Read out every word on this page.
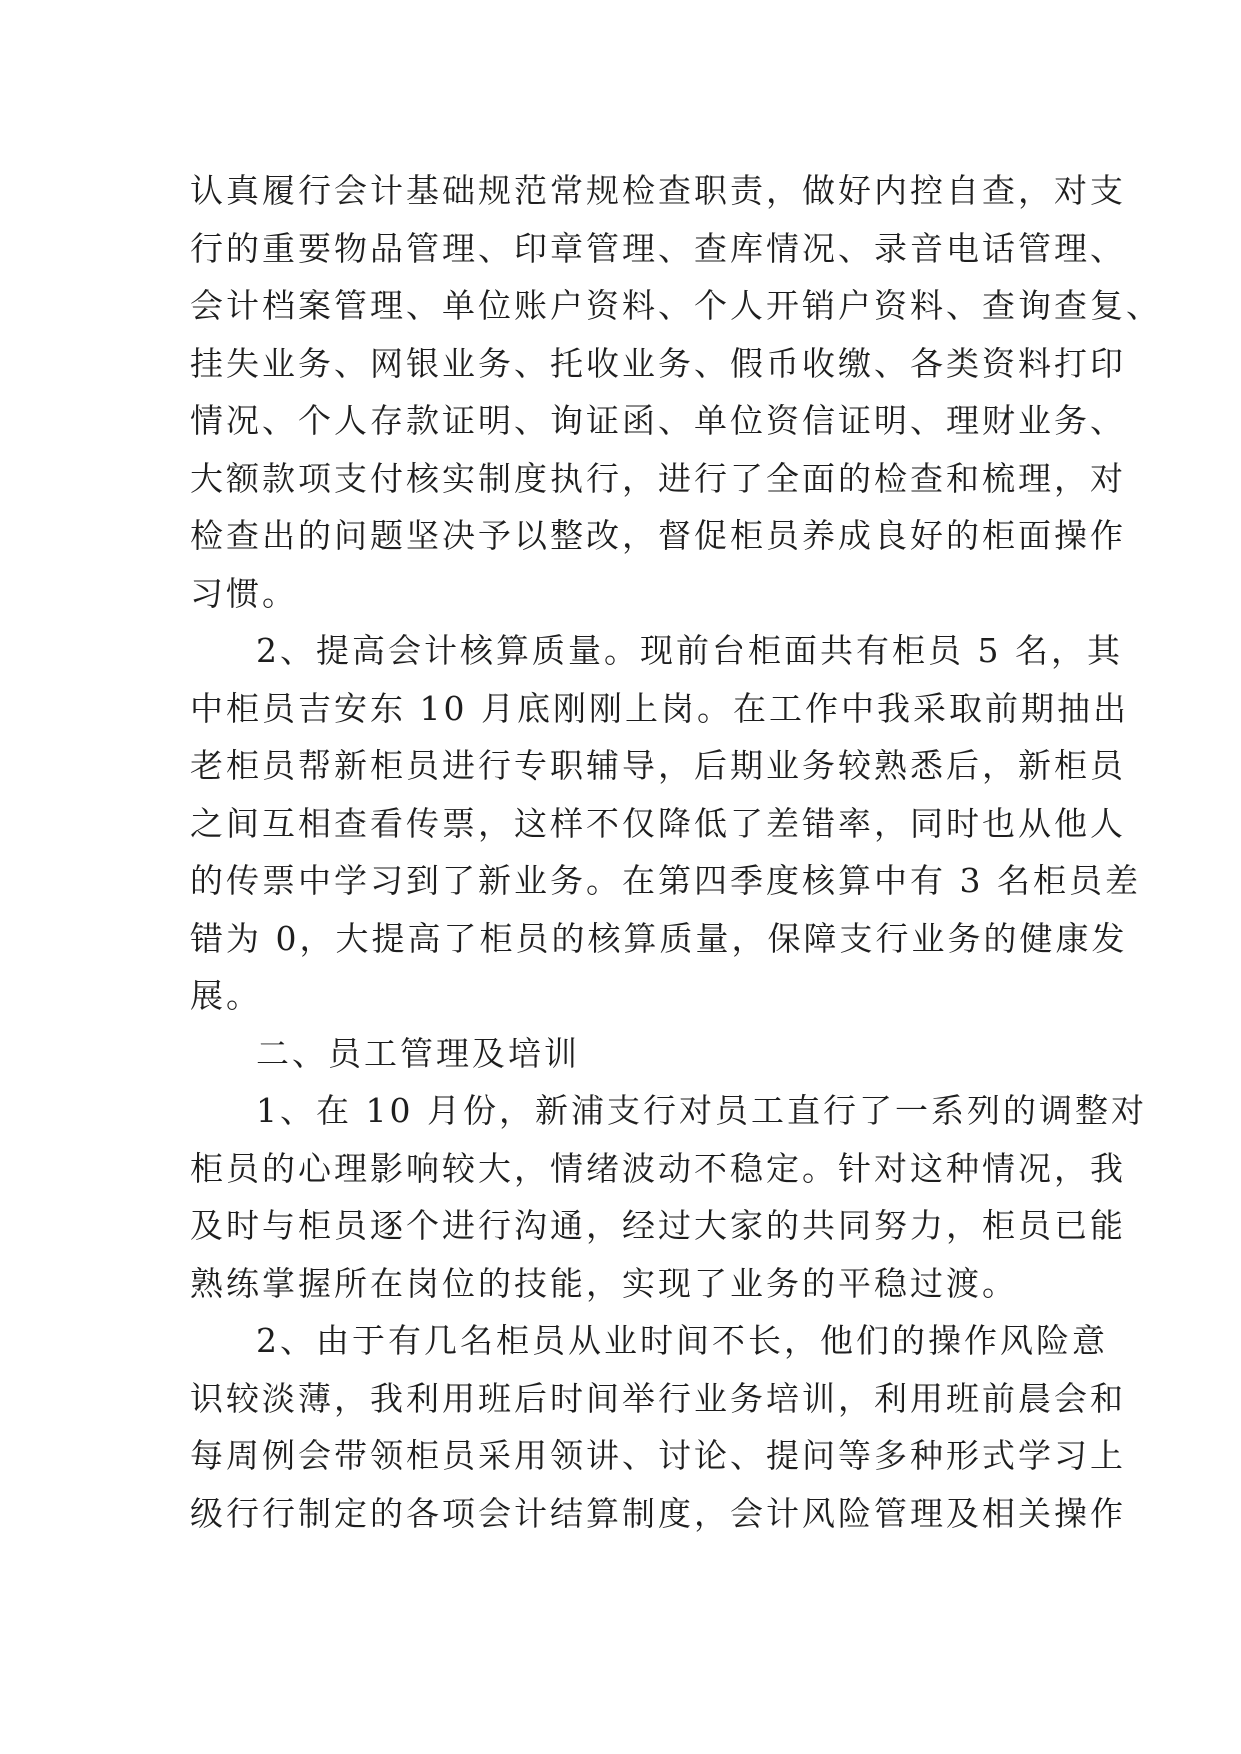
认真履行会计基础规范常规检查职责，做好内控自查，对支
行的重要物品管理、印章管理、查库情况、录音电话管理、
会计档案管理、单位账户资料、个人开销户资料、查询查复、
挂失业务、网银业务、托收业务、假币收缴、各类资料打印
情况、个人存款证明、询证函、单位资信证明、理财业务、
大额款项支付核实制度执行，进行了全面的检查和梳理，对
检查出的问题坚决予以整改，督促柜员养成良好的柜面操作
习惯。
2、提高会计核算质量。现前台柜面共有柜员 5 名，其
中柜员吉安东 10 月底刚刚上岗。在工作中我采取前期抽出
老柜员帮新柜员进行专职辅导，后期业务较熟悉后，新柜员
之间互相查看传票，这样不仅降低了差错率，同时也从他人
的传票中学习到了新业务。在第四季度核算中有 3 名柜员差
错为 0，大提高了柜员的核算质量，保障支行业务的健康发
展。
二、员工管理及培训
1、在 10 月份，新浦支行对员工直行了一系列的调整对
柜员的心理影响较大，情绪波动不稳定。针对这种情况，我
及时与柜员逐个进行沟通，经过大家的共同努力，柜员已能
熟练掌握所在岗位的技能，实现了业务的平稳过渡。
2、由于有几名柜员从业时间不长，他们的操作风险意
识较淡薄，我利用班后时间举行业务培训，利用班前晨会和
每周例会带领柜员采用领讲、讨论、提问等多种形式学习上
级行行制定的各项会计结算制度，会计风险管理及相关操作
